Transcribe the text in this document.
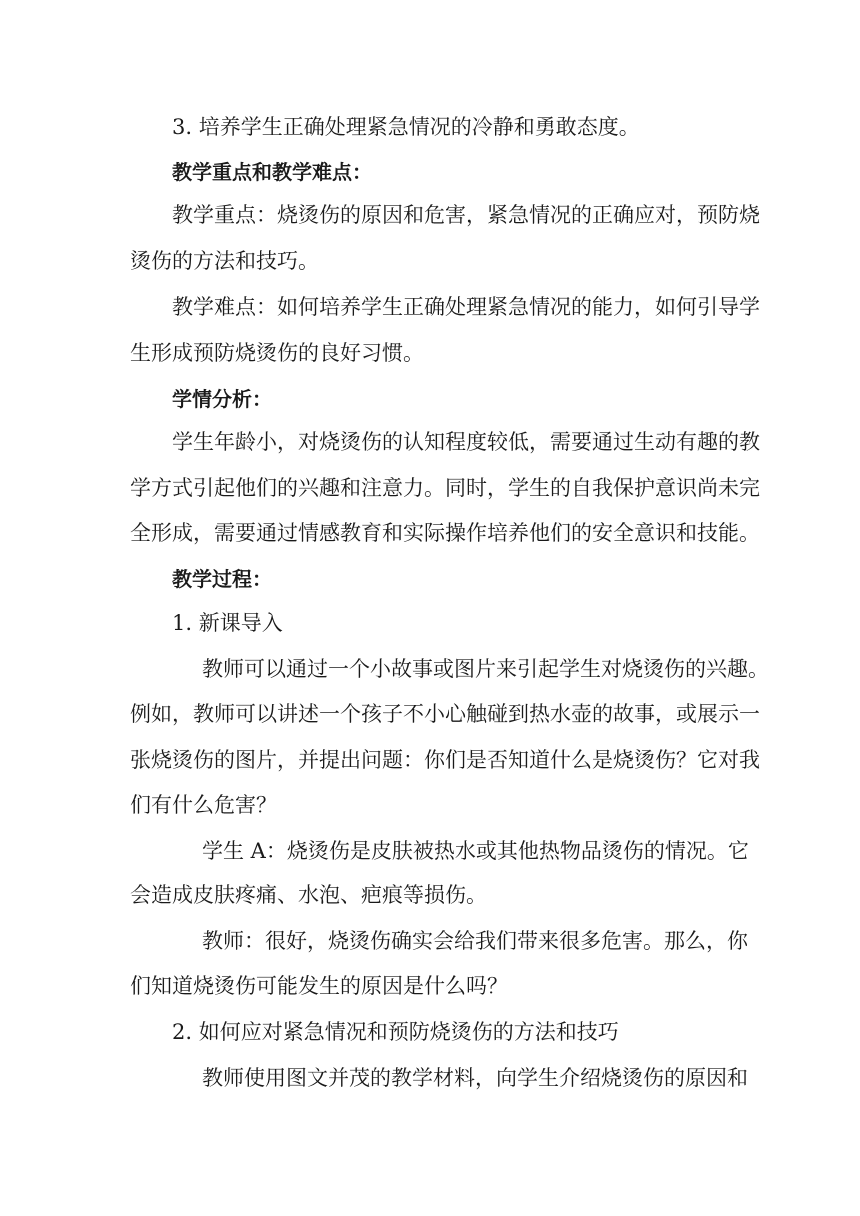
3. 培养学生正确处理紧急情况的冷静和勇敢态度。
教学重点和教学难点：
教学重点：烧烫伤的原因和危害，紧急情况的正确应对，预防烧
烫伤的方法和技巧。
教学难点：如何培养学生正确处理紧急情况的能力，如何引导学
生形成预防烧烫伤的良好习惯。
学情分析：
学生年龄小，对烧烫伤的认知程度较低，需要通过生动有趣的教
学方式引起他们的兴趣和注意力。同时，学生的自我保护意识尚未完
全形成，需要通过情感教育和实际操作培养他们的安全意识和技能。
教学过程：
1. 新课导入
教师可以通过一个小故事或图片来引起学生对烧烫伤的兴趣。
例如，教师可以讲述一个孩子不小心触碰到热水壶的故事，或展示一
张烧烫伤的图片，并提出问题：你们是否知道什么是烧烫伤？它对我
们有什么危害？
学生 A：烧烫伤是皮肤被热水或其他热物品烫伤的情况。它
会造成皮肤疼痛、水泡、疤痕等损伤。
教师：很好，烧烫伤确实会给我们带来很多危害。那么，你
们知道烧烫伤可能发生的原因是什么吗？
2. 如何应对紧急情况和预防烧烫伤的方法和技巧
教师使用图文并茂的教学材料，向学生介绍烧烫伤的原因和
